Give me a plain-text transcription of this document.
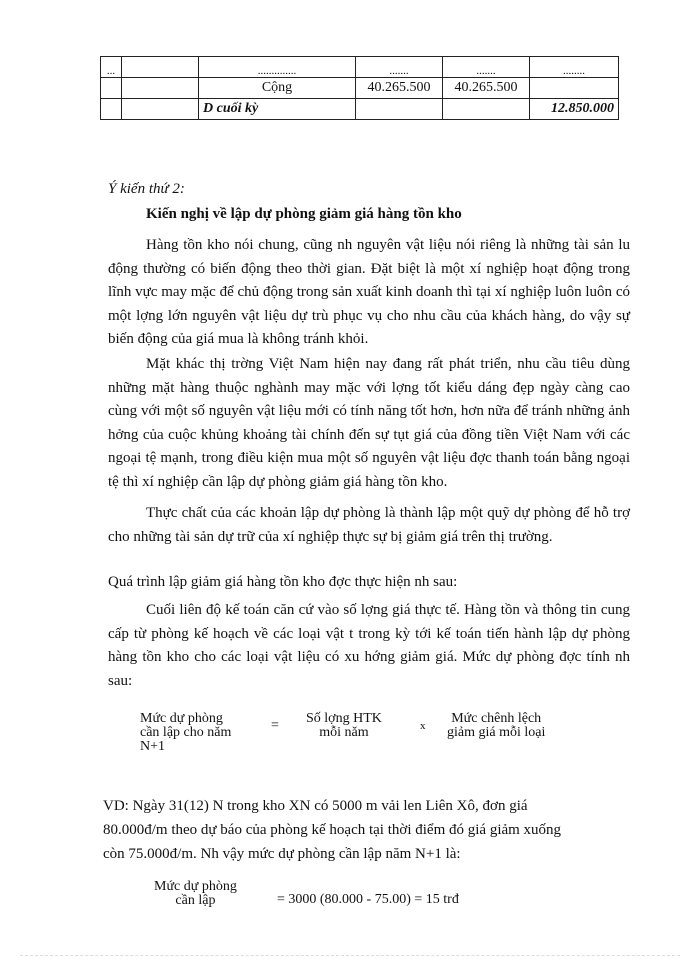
...		..............	.......	.......	........
		Cộng	40.265.500	40.265.500	
		D cuối kỳ			12.850.000
Ý kiến thứ 2:
Kiến nghị về lập dự phòng giảm giá hàng tồn kho
Hàng tồn kho nói chung, cũng nh nguyên vật liệu nói riêng là những tài sản lu động thường có biến động theo thời gian. Đặt biệt là một xí nghiệp hoạt động trong lĩnh vực may mặc để chủ động trong sản xuất kinh doanh thì tại xí nghiệp luôn luôn có một lợng lớn nguyên vật liệu dự trù phục vụ cho nhu cầu của khách hàng, do vậy sự biến động của giá mua là không tránh khỏi.
Mặt khác thị trờng Việt Nam hiện nay đang rất phát triển, nhu cầu tiêu dùng những mặt hàng thuộc nghành may mặc với lợng tốt kiểu dáng đẹp ngày càng cao cùng với một số nguyên vật liệu mới có tính năng tốt hơn, hơn nữa để tránh những ảnh hởng của cuộc khủng khoảng tài chính đến sự tụt giá của đồng tiền Việt Nam với các ngoại tệ mạnh, trong điều kiện mua một số nguyên vật liệu đợc thanh toán bằng ngoại tệ thì xí nghiệp cần lập dự phòng giảm giá hàng tồn kho.
Thực chất của các khoản lập dự phòng là thành lập một quỹ dự phòng để hỗ trợ cho những tài sản dự trữ của xí nghiệp thực sự bị giảm giá trên thị trường.
Quá trình lập giảm giá hàng tồn kho đợc thực hiện nh sau:
Cuối liên độ kế toán căn cứ vào số lợng giá thực tế. Hàng tồn và thông tin cung cấp từ phòng kế hoạch về các loại vật t trong kỳ tới kế toán tiến hành lập dự phòng hàng tồn kho cho các loại vật liệu có xu hớng giảm giá. Mức dự phòng đợc tính nh sau:
Mức dự phòng
cần lập cho năm
N+1
= Số lợng HTK
mỗi năm	x Mức chênh lệch
giảm giá mỗi loại
VD: Ngày 31(12) N trong kho XN có 5000 m vải len Liên Xô, đơn giá
80.000đ/m theo dự báo của phòng kế hoạch tại thời điểm đó giá giảm xuống
còn 75.000đ/m. Nh vậy mức dự phòng cần lập năm N+1 là:
Mức dự phòng
cần lập	= 3000 (80.000 - 75.00) = 15 trđ
